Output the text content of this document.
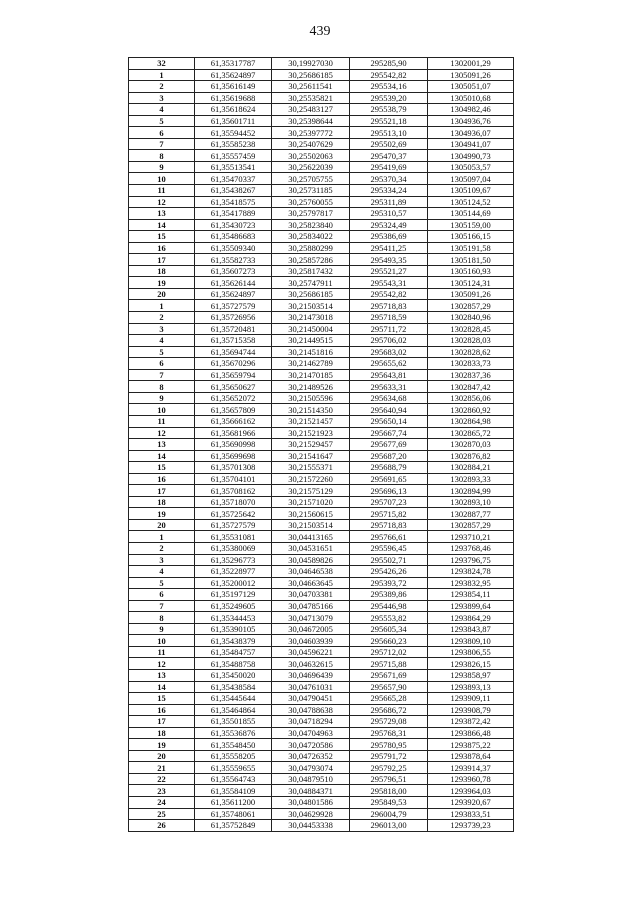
439
32	61,35317787	30,19927030	295285,90	1302001,29
1	61,35624897	30,25686185	295542,82	1305091,26
2	61,35616149	30,25611541	295534,16	1305051,07
3	61,35619688	30,25535821	295539,20	1305010,68
4	61,35618624	30,25483127	295538,79	1304982,46
5	61,35601711	30,25398644	295521,18	1304936,76
6	61,35594452	30,25397772	295513,10	1304936,07
7	61,35585238	30,25407629	295502,69	1304941,07
8	61,35557459	30,25502063	295470,37	1304990,73
9	61,35513541	30,25622039	295419,69	1305053,57
10	61,35470337	30,25705755	295370,34	1305097,04
11	61,35438267	30,25731185	295334,24	1305109,67
12	61,35418575	30,25760055	295311,89	1305124,52
13	61,35417889	30,25797817	295310,57	1305144,69
14	61,35430723	30,25823840	295324,49	1305159,00
15	61,35486683	30,25834022	295386,69	1305166,15
16	61,35509340	30,25880299	295411,25	1305191,58
17	61,35582733	30,25857286	295493,35	1305181,50
18	61,35607273	30,25817432	295521,27	1305160,93
19	61,35626144	30,25747911	295543,31	1305124,31
20	61,35624897	30,25686185	295542,82	1305091,26
1	61,35727579	30,21503514	295718,83	1302857,29
2	61,35726956	30,21473018	295718,59	1302840,96
3	61,35720481	30,21450004	295711,72	1302828,45
4	61,35715358	30,21449515	295706,02	1302828,03
5	61,35694744	30,21451816	295683,02	1302828,62
6	61,35670296	30,21462789	295655,62	1302833,73
7	61,35659794	30,21470185	295643,81	1302837,36
8	61,35650627	30,21489526	295633,31	1302847,42
9	61,35652072	30,21505596	295634,68	1302856,06
10	61,35657809	30,21514350	295640,94	1302860,92
11	61,35666162	30,21521457	295650,14	1302864,98
12	61,35681966	30,21521923	295667,74	1302865,72
13	61,35690998	30,21529457	295677,69	1302870,03
14	61,35699698	30,21541647	295687,20	1302876,82
15	61,35701308	30,21555371	295688,79	1302884,21
16	61,35704101	30,21572260	295691,65	1302893,33
17	61,35708162	30,21575129	295696,13	1302894,99
18	61,35718070	30,21571020	295707,23	1302893,10
19	61,35725642	30,21560615	295715,82	1302887,77
20	61,35727579	30,21503514	295718,83	1302857,29
1	61,35531081	30,04413165	295766,61	1293710,21
2	61,35380069	30,04531651	295596,45	1293768,46
3	61,35296773	30,04589826	295502,71	1293796,75
4	61,35228977	30,04646538	295426,26	1293824,78
5	61,35200012	30,04663645	295393,72	1293832,95
6	61,35197129	30,04703381	295389,86	1293854,11
7	61,35249605	30,04785166	295446,98	1293899,64
8	61,35344453	30,04713079	295553,82	1293864,29
9	61,35390105	30,04672005	295605,34	1293843,87
10	61,35438379	30,04603939	295660,23	1293809,10
11	61,35484757	30,04596221	295712,02	1293806,55
12	61,35488758	30,04632615	295715,88	1293826,15
13	61,35450020	30,04696439	295671,69	1293858,97
14	61,35438584	30,04761031	295657,90	1293893,13
15	61,35445644	30,04790451	295665,28	1293909,11
16	61,35464864	30,04788638	295686,72	1293908,79
17	61,35501855	30,04718294	295729,08	1293872,42
18	61,35536876	30,04704963	295768,31	1293866,48
19	61,35548450	30,04720586	295780,95	1293875,22
20	61,35558205	30,04726352	295791,72	1293878,64
21	61,35559655	30,04793074	295792,25	1293914,37
22	61,35564743	30,04879510	295796,51	1293960,78
23	61,35584109	30,04884371	295818,00	1293964,03
24	61,35611200	30,04801586	295849,53	1293920,67
25	61,35748061	30,04629928	296004,79	1293833,51
26	61,35752849	30,04453338	296013,00	1293739,23
